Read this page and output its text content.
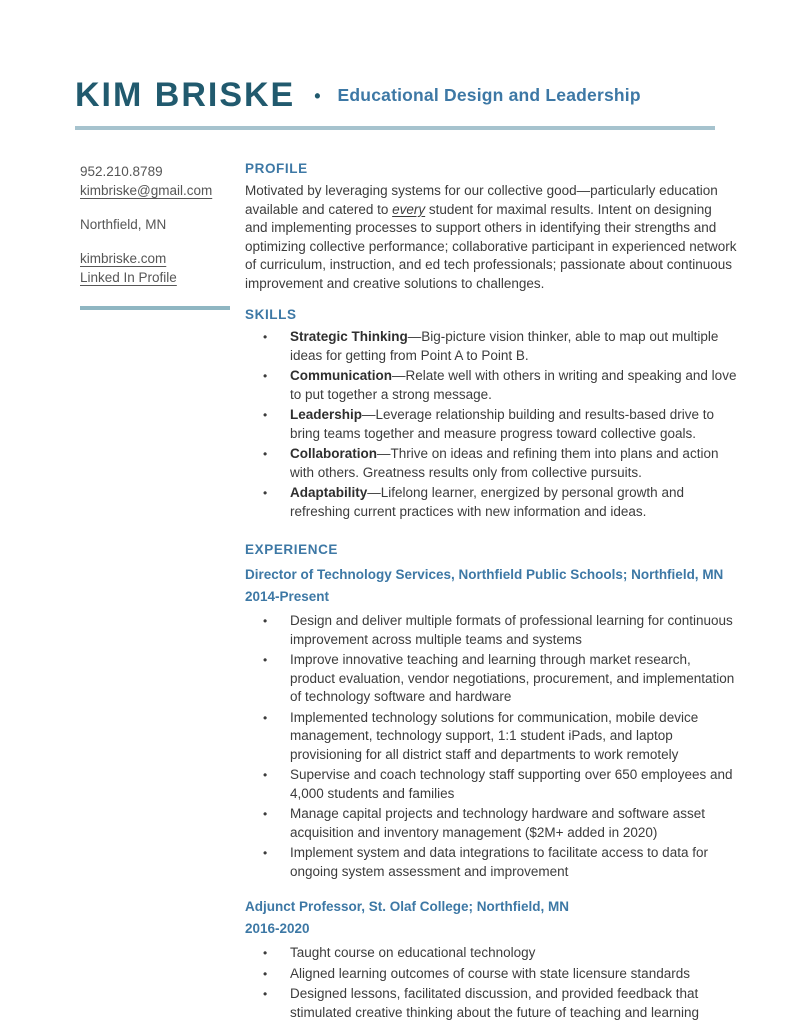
KIM BRISKE • Educational Design and Leadership
952.210.8789
kimbriske@gmail.com
Northfield, MN
kimbriske.com
Linked In Profile
PROFILE
Motivated by leveraging systems for our collective good—particularly education available and catered to every student for maximal results. Intent on designing and implementing processes to support others in identifying their strengths and optimizing collective performance; collaborative participant in experienced network of curriculum, instruction, and ed tech professionals; passionate about continuous improvement and creative solutions to challenges.
SKILLS
• Strategic Thinking—Big-picture vision thinker, able to map out multiple ideas for getting from Point A to Point B.
• Communication—Relate well with others in writing and speaking and love to put together a strong message.
• Leadership—Leverage relationship building and results-based drive to bring teams together and measure progress toward collective goals.
• Collaboration—Thrive on ideas and refining them into plans and action with others. Greatness results only from collective pursuits.
• Adaptability—Lifelong learner, energized by personal growth and refreshing current practices with new information and ideas.
EXPERIENCE
Director of Technology Services, Northfield Public Schools; Northfield, MN
2014-Present
• Design and deliver multiple formats of professional learning for continuous improvement across multiple teams and systems
• Improve innovative teaching and learning through market research, product evaluation, vendor negotiations, procurement, and implementation of technology software and hardware
• Implemented technology solutions for communication, mobile device management, technology support, 1:1 student iPads, and laptop provisioning for all district staff and departments to work remotely
• Supervise and coach technology staff supporting over 650 employees and 4,000 students and families
• Manage capital projects and technology hardware and software asset acquisition and inventory management ($2M+ added in 2020)
• Implement system and data integrations to facilitate access to data for ongoing system assessment and improvement
Adjunct Professor, St. Olaf College; Northfield, MN
2016-2020
• Taught course on educational technology
• Aligned learning outcomes of course with state licensure standards
• Designed lessons, facilitated discussion, and provided feedback that stimulated creative thinking about the future of teaching and learning
